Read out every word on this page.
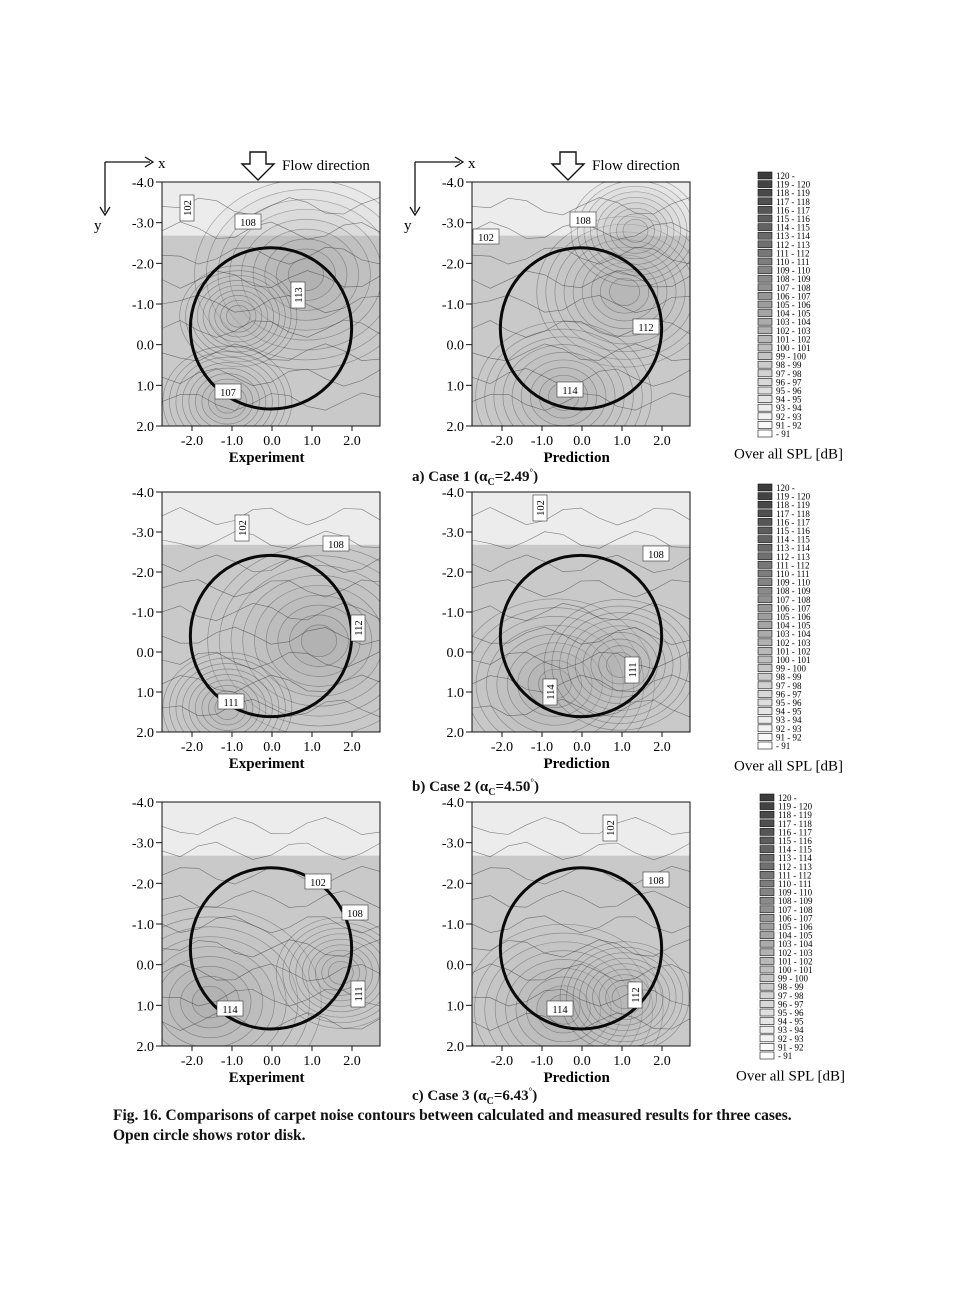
x
y
Flow direction
-4.0
-3.0
-2.0
-1.0
0.0
1.0
2.0
-2.0 -1.0 0.0 1.0 2.0
Experiment
102
108
113
107
x
y
Flow direction
-4.0
-3.0
-2.0
-1.0
0.0
1.0
2.0
-2.0 -1.0 0.0 1.0 2.0
Prediction
102
108
112
114
a) Case 1 $(\alpha_C=2.49^\circ)$
-4.0
-3.0
-2.0
-1.0
0.0
1.0
2.0
-2.0 -1.0 0.0 1.0 2.0
Experiment
102
108
112
111
-4.0
-3.0
-2.0
-1.0
0.0
1.0
2.0
-2.0 -1.0 0.0 1.0 2.0
Prediction
102
108
114
111
b) Case 2 $(\alpha_C=4.50^\circ)$
-4.0
-3.0
-2.0
-1.0
0.0
1.0
2.0
-2.0 -1.0 0.0 1.0 2.0
Experiment
102
108
111
114
-4.0
-3.0
-2.0
-1.0
0.0
1.0
2.0
-2.0 -1.0 0.0 1.0 2.0
Prediction
102
108
112
114
c) Case 3 $(\alpha_C=6.43^\circ)$
120 -
119 - 120
118 - 119
117 - 118
116 - 117
115 - 116
114 - 115
113 - 114
112 - 113
111 - 112
110 - 111
109 - 110
108 - 109
107 - 108
106 - 107
105 - 106
104 - 105
103 - 104
102 - 103
101 - 102
100 - 101
99 - 100
98 - 99
97 - 98
96 - 97
95 - 96
94 - 95
93 - 94
92 - 93
91 - 92
- 91
Over all SPL [dB]
120 -
119 - 120
118 - 119
117 - 118
116 - 117
115 - 116
114 - 115
113 - 114
112 - 113
111 - 112
110 - 111
109 - 110
108 - 109
107 - 108
106 - 107
105 - 106
104 - 105
103 - 104
102 - 103
101 - 102
100 - 101
99 - 100
98 - 99
97 - 98
96 - 97
95 - 96
94 - 95
93 - 94
92 - 93
91 - 92
- 91
Over all SPL [dB]
120 -
119 - 120
118 - 119
117 - 118
116 - 117
115 - 116
114 - 115
113 - 114
112 - 113
111 - 112
110 - 111
109 - 110
108 - 109
107 - 108
106 - 107
105 - 106
104 - 105
103 - 104
102 - 103
101 - 102
100 - 101
99 - 100
98 - 99
97 - 98
96 - 97
95 - 96
94 - 95
93 - 94
92 - 93
91 - 92
- 91
Over all SPL [dB]
Fig. 16. Comparisons of carpet noise contours between calculated and measured results for three cases.
Open circle shows rotor disk.
